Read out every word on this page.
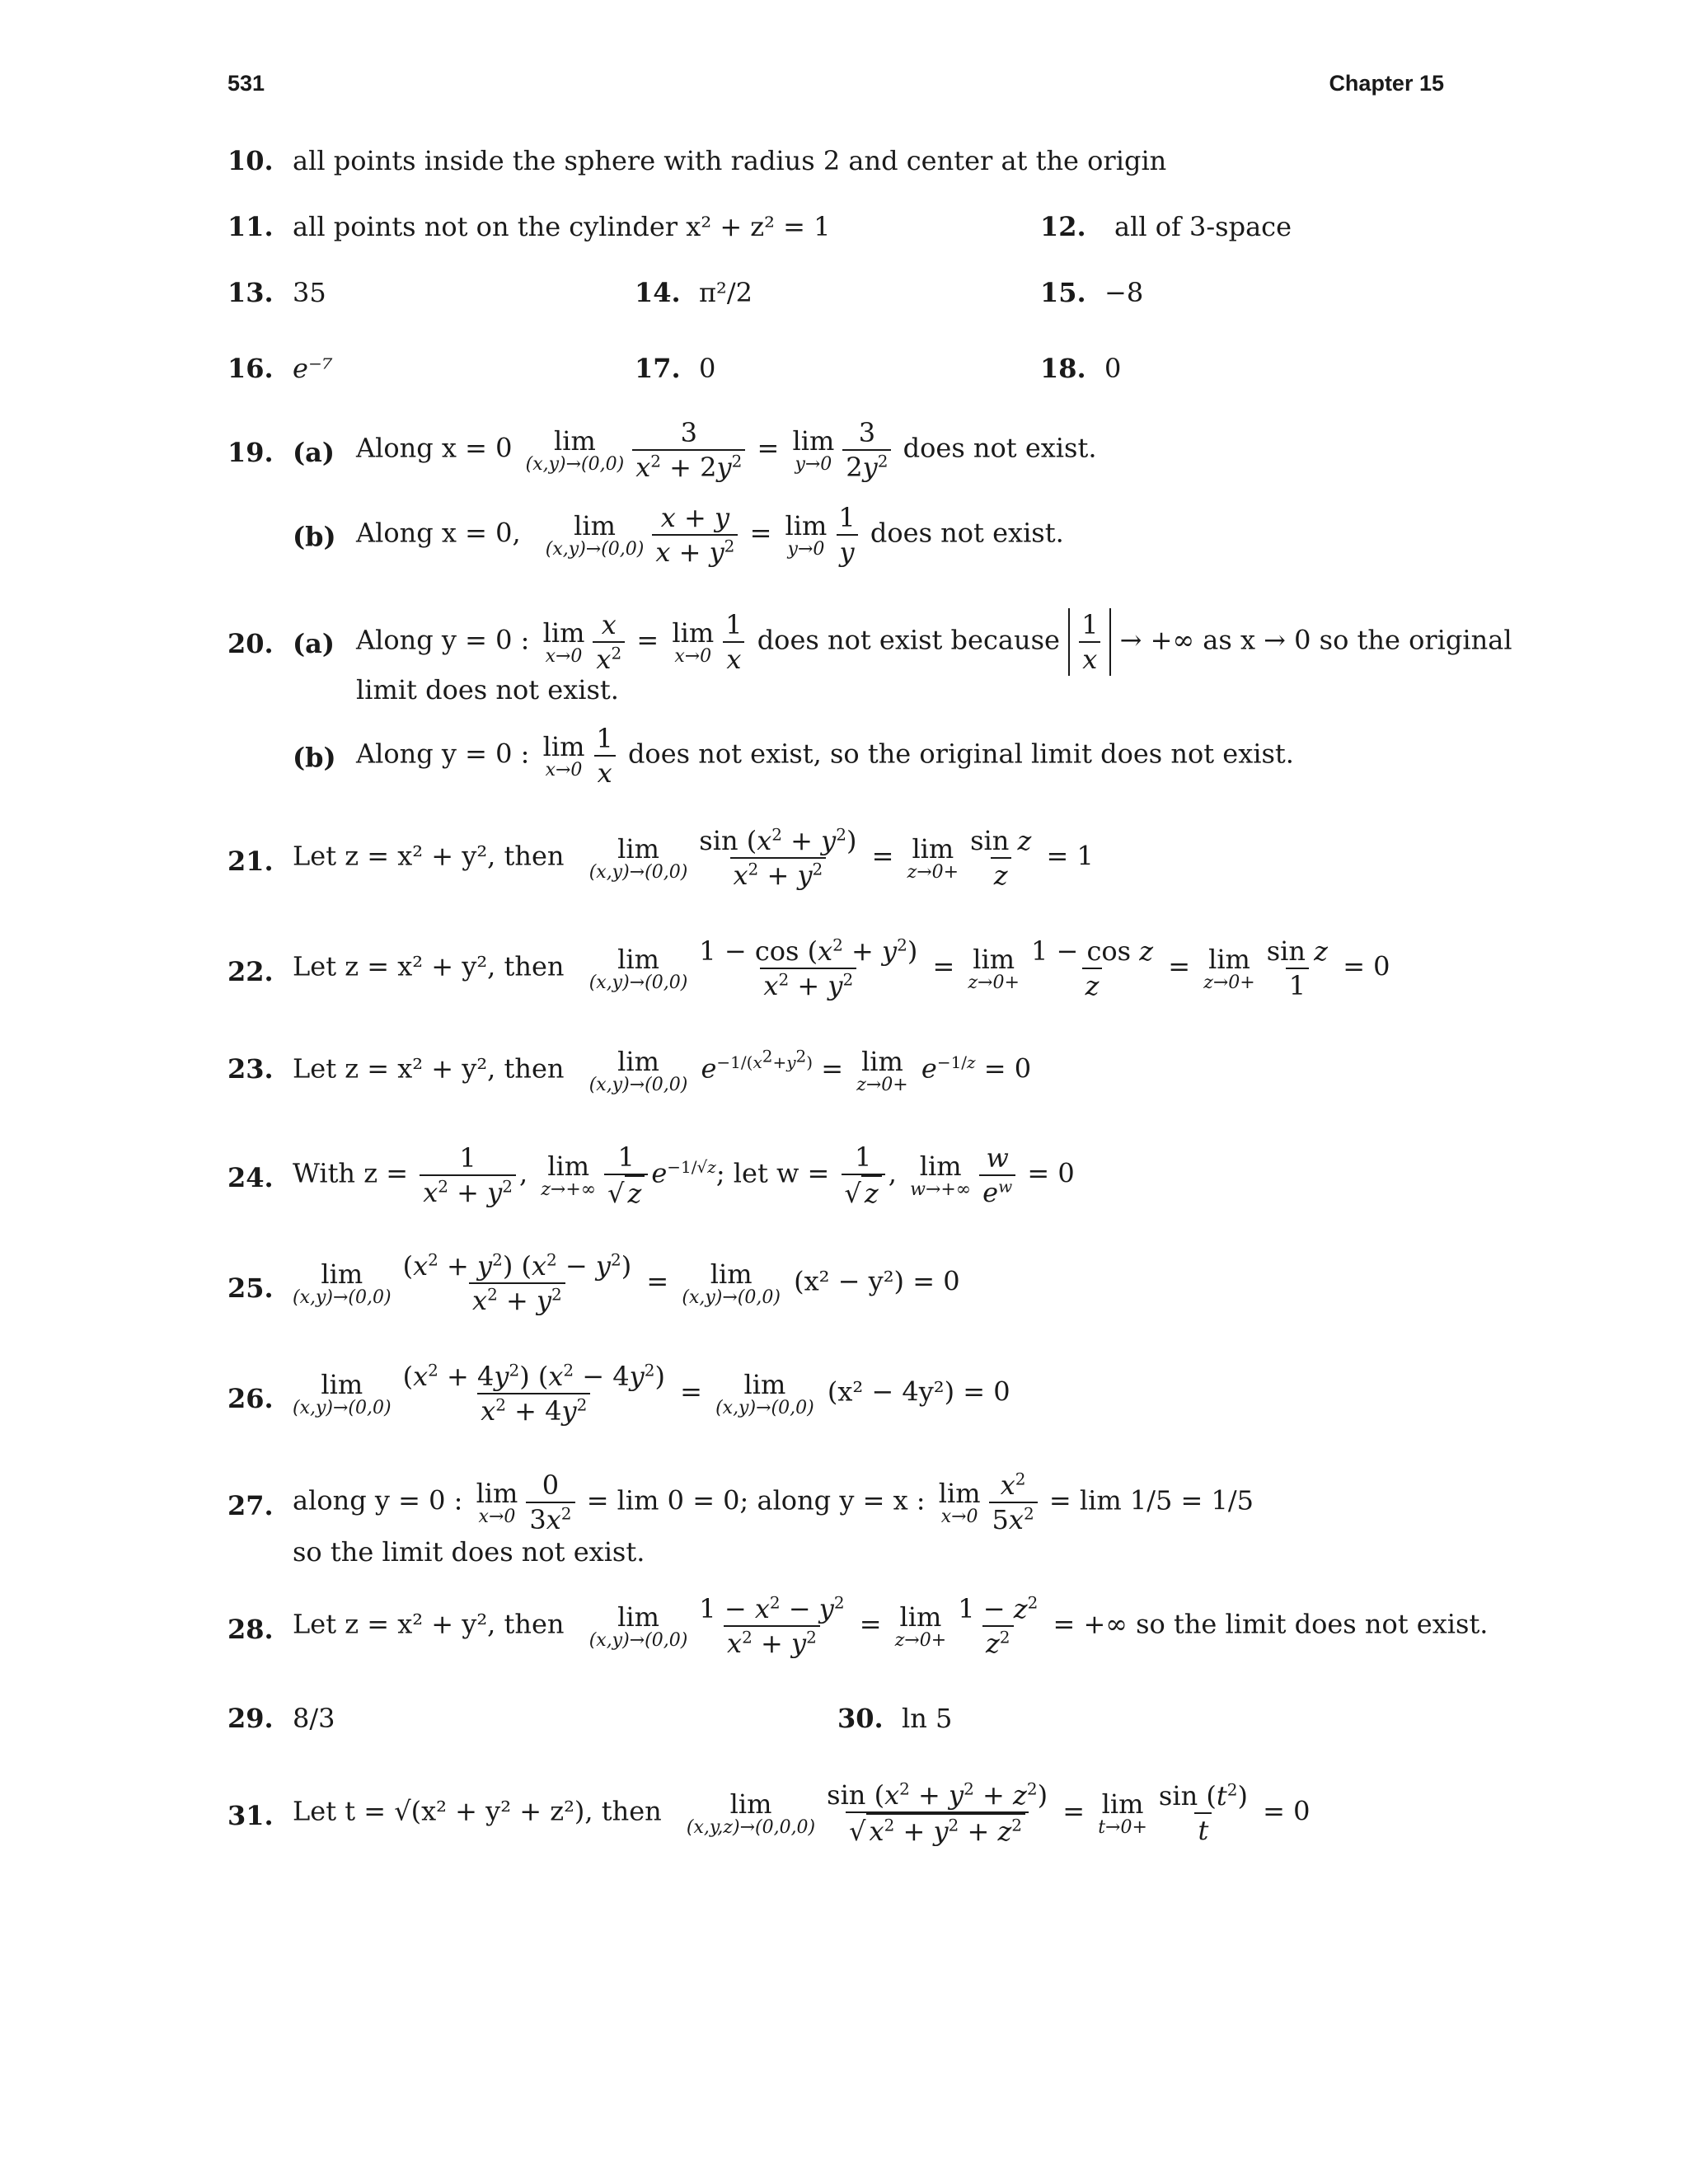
531	Chapter 15
10. all points inside the sphere with radius 2 and center at the origin
11. all points not on the cylinder x² + z² = 1	12. all of 3-space
13. 35	14. π²/2	15. −8
16. e⁻⁷	17. 0	18. 0
19. (a) Along x = 0 lim
$(x,y)\to(0,0) \frac{3}{x^2 + 2y^2} = \lim$
$y\to 0 \frac{3}{2y^2}$ does not exist.
(b) Along x = 0, lim
$(x,y)\to(0,0) \frac{x + y}{x + y^2} = \lim$
$y\to 0 \frac{1}{y}$ does not exist.
20. (a) Along y = 0 : lim
$x\to 0 \frac{x}{x^2} = \lim$
$x\to 0 \frac{1}{x}$ does not exist because $\frac{1}{x}$ → +∞ as x → 0 so the original
limit does not exist.
(b) Along y = 0 : lim
$x\to 0 \frac{1}{x}$ does not exist, so the original limit does not exist.
21. Let z = x² + y², then lim
$(x,y)\to(0,0) \frac{\sin (x^2 + y^2)}{x^2 + y^2} = \lim$
$z\to 0+ \frac{\text{sin z}}{z} = 1$
22. Let z = x² + y², then lim
$(x,y)\to(0,0) \frac{1 - \cos (x^2 + y^2)}{x^2 + y^2} = \lim$
$z\to 0+ \frac{\text{1 − cos z}}{z} = \lim$
$z\to 0+ \frac{\text{sin z}}{1} = 0$
23. Let z = x² + y², then lim
(x,y)→(0,0)
$e^{-1/(x^2+y^2)} = \lim$
z→0+
$e^{-1/z} = 0$
24. With $z = \frac{1}{x^2 + y^2}$ , lim
$z\to+\infty \frac{1}{√ z} e^{-1/√z}$; let $w = \frac{1}{√ z}$ , lim
$w\to+\infty \frac{w}{e^w} = 0$
25. lim
$(x,y)\to(0,0) \frac{(x^2 + y^2) (x^2 - y^2)}{x^2 + y^2} = \lim$
(x,y)→(0,0)
(x² − y²) = 0
26. lim
$(x,y)\to(0,0) \frac{(x^2 + 4y^2) (x^2 - 4y^2)}{x^2 + 4y^2} = \lim$
(x,y)→(0,0)
(x² − 4y²) = 0
27. along y = 0 : lim
$x\to 0 \frac{0}{3x^2} = \lim 0 = 0$; along y = x : lim
$x\to 0 \frac{x^2}{5x^2} = \lim 1/5 = 1/5$
so the limit does not exist.
28. Let z = x² + y², then lim
$(x,y)\to(0,0) \frac{1 - x^2 - y^2}{x^2 + y^2} = \lim$
$z\to 0+ \frac{1 - z^2}{z^2}$ = +∞ so the limit does not exist.
29. 8/3	30. ln 5
31. Let t = √(x² + y² + z²), then	lim
$(x,y,z)\to(0,0,0) \frac{\sin (x^2 + y^2 + z^2)}{√ x^2 + y^2 + z^2} = \lim$
$t\to 0+ \frac{\sin (t^2)}{t} = 0$
